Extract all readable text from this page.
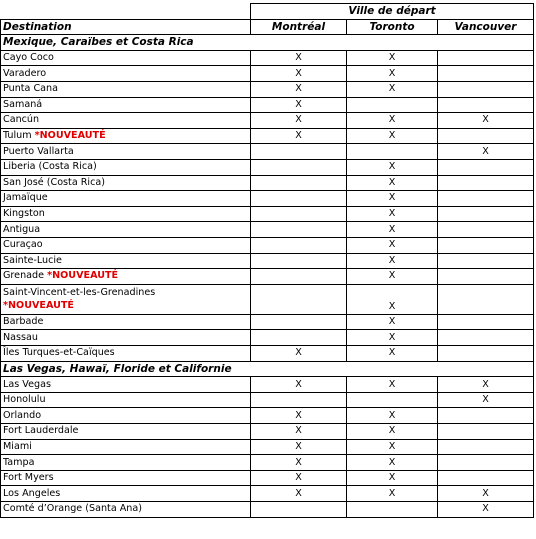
	Ville de départ		
Destination	Montréal	Toronto	Vancouver
Mexique, Caraïbes et Costa Rica			
Cayo Coco	X	X	
Varadero	X	X	
Punta Cana	X	X	
Samaná	X		
Cancún	X	X	X
Tulum *NOUVEAUTÉ	X	X	
Puerto Vallarta			X
Liberia (Costa Rica)		X	
San José (Costa Rica)		X	
Jamaïque		X	
Kingston		X	
Antigua		X	
Curaçao		X	
Sainte-Lucie		X	
Grenade *NOUVEAUTÉ		X	
Saint-Vincent-et-les-Grenadines
*NOUVEAUTÉ		X	
Barbade		X	
Nassau		X	
Îles Turques-et-Caïques	X	X	
Las Vegas, Hawaï, Floride et Californie			
Las Vegas	X	X	X
Honolulu			X
Orlando	X	X	
Fort Lauderdale	X	X	
Miami	X	X	
Tampa	X	X	
Fort Myers	X	X	
Los Angeles	X	X	X
Comté d’Orange (Santa Ana)			X
